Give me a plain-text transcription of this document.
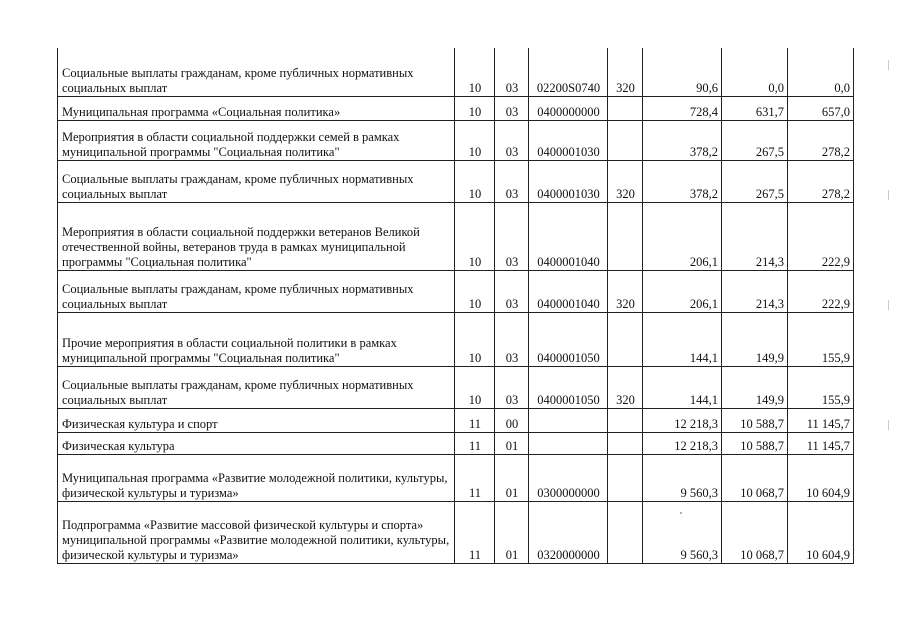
Социальные выплаты гражданам, кроме публичных нормативных социальных выплат	10	03	02200S0740	320	90,6	0,0	0,0
Муниципальная программа «Социальная политика»	10	03	0400000000		728,4	631,7	657,0
Мероприятия в области социальной поддержки семей в рамках муниципальной программы "Социальная политика"	10	03	0400001030		378,2	267,5	278,2
Социальные выплаты гражданам, кроме публичных нормативных социальных выплат	10	03	0400001030	320	378,2	267,5	278,2
Мероприятия в области социальной поддержки ветеранов Великой отечественной войны, ветеранов труда в рамках муниципальной программы "Социальная политика"	10	03	0400001040		206,1	214,3	222,9
Социальные выплаты гражданам, кроме публичных нормативных социальных выплат	10	03	0400001040	320	206,1	214,3	222,9
Прочие мероприятия в области социальной политики в рамках муниципальной программы "Социальная политика"	10	03	0400001050		144,1	149,9	155,9
Социальные выплаты гражданам, кроме публичных нормативных социальных выплат	10	03	0400001050	320	144,1	149,9	155,9
Физическая культура и спорт	11	00			12 218,3	10 588,7	11 145,7
Физическая культура	11	01			12 218,3	10 588,7	11 145,7
Муниципальная программа «Развитие молодежной политики, культуры, физической культуры и туризма»	11	01	0300000000		9 560,3	10 068,7	10 604,9
Подпрограмма «Развитие массовой физической культуры и спорта» муниципальной программы «Развитие молодежной политики, культуры, физической культуры и туризма»	11	01	0320000000		9 560,3	10 068,7	10 604,9
